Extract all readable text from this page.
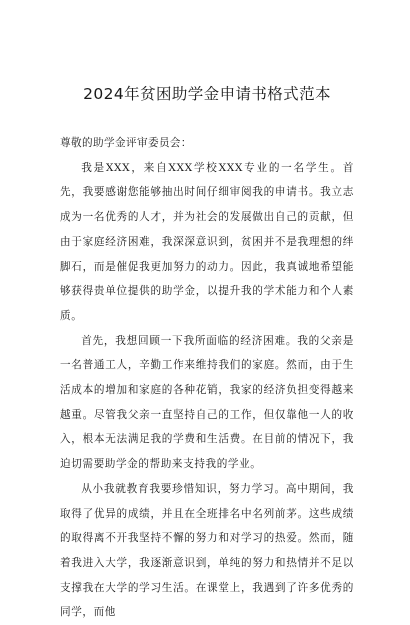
2024年贫困助学金申请书格式范本

尊敬的助学金评审委员会：

我是XXX，来自XXX学校XXX专业的一名学生。首先，我要感谢您能够抽出时间仔细审阅我的申请书。我立志成为一名优秀的人才，并为社会的发展做出自己的贡献，但由于家庭经济困难，我深深意识到，贫困并不是我理想的绊脚石，而是催促我更加努力的动力。因此，我真诚地希望能够获得贵单位提供的助学金，以提升我的学术能力和个人素质。

首先，我想回顾一下我所面临的经济困难。我的父亲是一名普通工人，辛勤工作来维持我们的家庭。然而，由于生活成本的增加和家庭的各种花销，我家的经济负担变得越来越重。尽管我父亲一直坚持自己的工作，但仅靠他一人的收入，根本无法满足我的学费和生活费。在目前的情况下，我迫切需要助学金的帮助来支持我的学业。

从小我就教育我要珍惜知识，努力学习。高中期间，我取得了优异的成绩，并且在全班排名中名列前茅。这些成绩的取得离不开我坚持不懈的努力和对学习的热爱。然而，随着我进入大学，我逐渐意识到，单纯的努力和热情并不足以支撑我在大学的学习生活。在课堂上，我遇到了许多优秀的同学，而他
